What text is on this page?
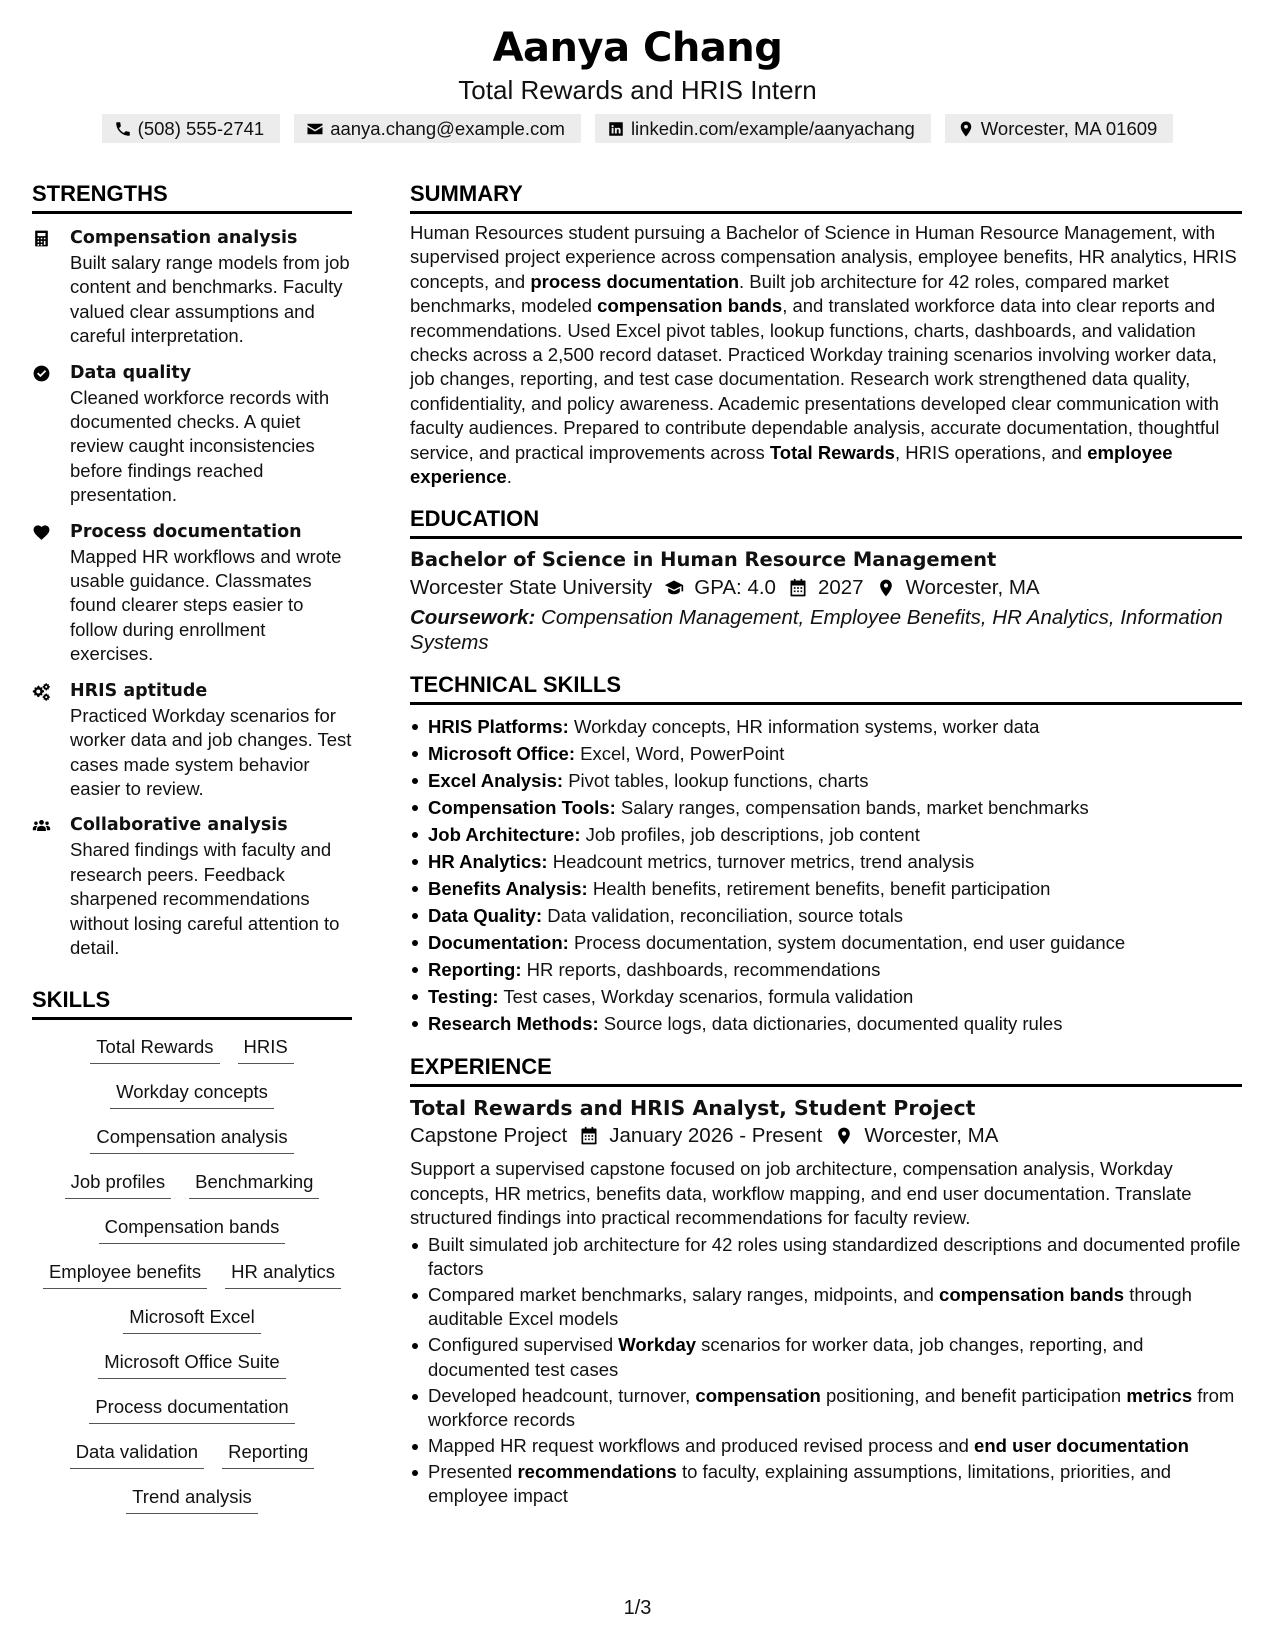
Aanya Chang
Total Rewards and HRIS Intern
(508) 555-2741	aanya.chang@example.com	linkedin.com/example/aanyachang	Worcester, MA 01609
STRENGTHS
Compensation analysis
Built salary range models from job content and benchmarks. Faculty valued clear assumptions and careful interpretation.
Data quality
Cleaned workforce records with documented checks. A quiet review caught inconsistencies before findings reached presentation.
Process documentation
Mapped HR workflows and wrote usable guidance. Classmates found clearer steps easier to follow during enrollment exercises.
HRIS aptitude
Practiced Workday scenarios for worker data and job changes. Test cases made system behavior easier to review.
Collaborative analysis
Shared findings with faculty and research peers. Feedback sharpened recommendations without losing careful attention to detail.
SKILLS
Total Rewards	HRIS
Workday concepts
Compensation analysis
Job profiles	Benchmarking
Compensation bands
Employee benefits	HR analytics
Microsoft Excel
Microsoft Office Suite
Process documentation
Data validation	Reporting
Trend analysis
SUMMARY
Human Resources student pursuing a Bachelor of Science in Human Resource Management, with supervised project experience across compensation analysis, employee benefits, HR analytics, HRIS concepts, and process documentation. Built job architecture for 42 roles, compared market benchmarks, modeled compensation bands, and translated workforce data into clear reports and recommendations. Used Excel pivot tables, lookup functions, charts, dashboards, and validation checks across a 2,500 record dataset. Practiced Workday training scenarios involving worker data, job changes, reporting, and test case documentation. Research work strengthened data quality, confidentiality, and policy awareness. Academic presentations developed clear communication with faculty audiences. Prepared to contribute dependable analysis, accurate documentation, thoughtful service, and practical improvements across Total Rewards, HRIS operations, and employee experience.
EDUCATION
Bachelor of Science in Human Resource Management
Worcester State University GPA: 4.0 2027 Worcester, MA
Coursework: Compensation Management, Employee Benefits, HR Analytics, Information Systems
TECHNICAL SKILLS
HRIS Platforms: Workday concepts, HR information systems, worker data
Microsoft Office: Excel, Word, PowerPoint
Excel Analysis: Pivot tables, lookup functions, charts
Compensation Tools: Salary ranges, compensation bands, market benchmarks
Job Architecture: Job profiles, job descriptions, job content
HR Analytics: Headcount metrics, turnover metrics, trend analysis
Benefits Analysis: Health benefits, retirement benefits, benefit participation
Data Quality: Data validation, reconciliation, source totals
Documentation: Process documentation, system documentation, end user guidance
Reporting: HR reports, dashboards, recommendations
Testing: Test cases, Workday scenarios, formula validation
Research Methods: Source logs, data dictionaries, documented quality rules
EXPERIENCE
Total Rewards and HRIS Analyst, Student Project
Capstone Project January 2026 - Present Worcester, MA
Support a supervised capstone focused on job architecture, compensation analysis, Workday concepts, HR metrics, benefits data, workflow mapping, and end user documentation. Translate structured findings into practical recommendations for faculty review.
Built simulated job architecture for 42 roles using standardized descriptions and documented profile factors
Compared market benchmarks, salary ranges, midpoints, and compensation bands through auditable Excel models
Configured supervised Workday scenarios for worker data, job changes, reporting, and documented test cases
Developed headcount, turnover, compensation positioning, and benefit participation metrics from workforce records
Mapped HR request workflows and produced revised process and end user documentation
Presented recommendations to faculty, explaining assumptions, limitations, priorities, and employee impact
1/3
